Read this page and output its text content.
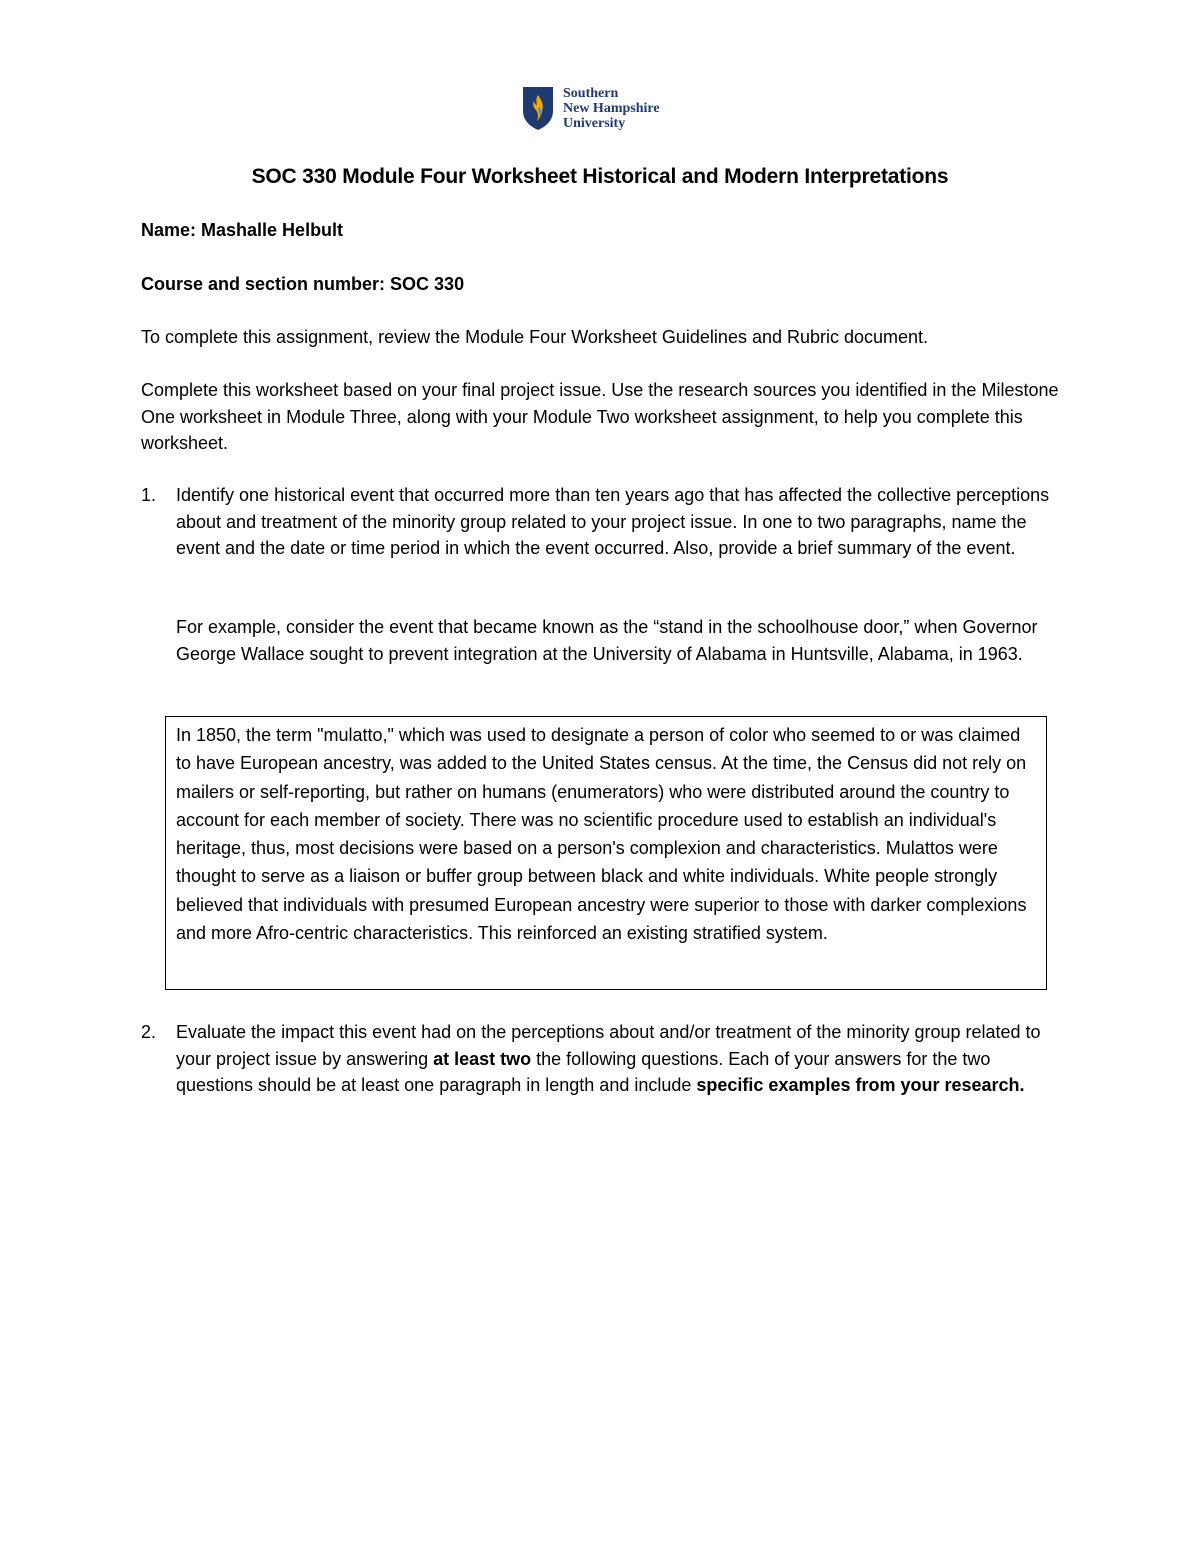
Southern
New Hampshire
University
SOC 330 Module Four Worksheet Historical and Modern Interpretations
Name: Mashalle Helbult
Course and section number: SOC 330
To complete this assignment, review the Module Four Worksheet Guidelines and Rubric document.
Complete this worksheet based on your final project issue. Use the research sources you identified in the Milestone One worksheet in Module Three, along with your Module Two worksheet assignment, to help you complete this worksheet.
1. Identify one historical event that occurred more than ten years ago that has affected the collective perceptions about and treatment of the minority group related to your project issue. In one to two paragraphs, name the event and the date or time period in which the event occurred. Also, provide a brief summary of the event.
For example, consider the event that became known as the “stand in the schoolhouse door,” when Governor George Wallace sought to prevent integration at the University of Alabama in Huntsville, Alabama, in 1963.
In 1850, the term "mulatto," which was used to designate a person of color who seemed to or was claimed to have European ancestry, was added to the United States census. At the time, the Census did not rely on mailers or self-reporting, but rather on humans (enumerators) who were distributed around the country to account for each member of society. There was no scientific procedure used to establish an individual's heritage, thus, most decisions were based on a person's complexion and characteristics. Mulattos were thought to serve as a liaison or buffer group between black and white individuals. White people strongly believed that individuals with presumed European ancestry were superior to those with darker complexions and more Afro-centric characteristics. This reinforced an existing stratified system.
2. Evaluate the impact this event had on the perceptions about and/or treatment of the minority group related to your project issue by answering at least two the following questions. Each of your answers for the two questions should be at least one paragraph in length and include specific examples from your research.
